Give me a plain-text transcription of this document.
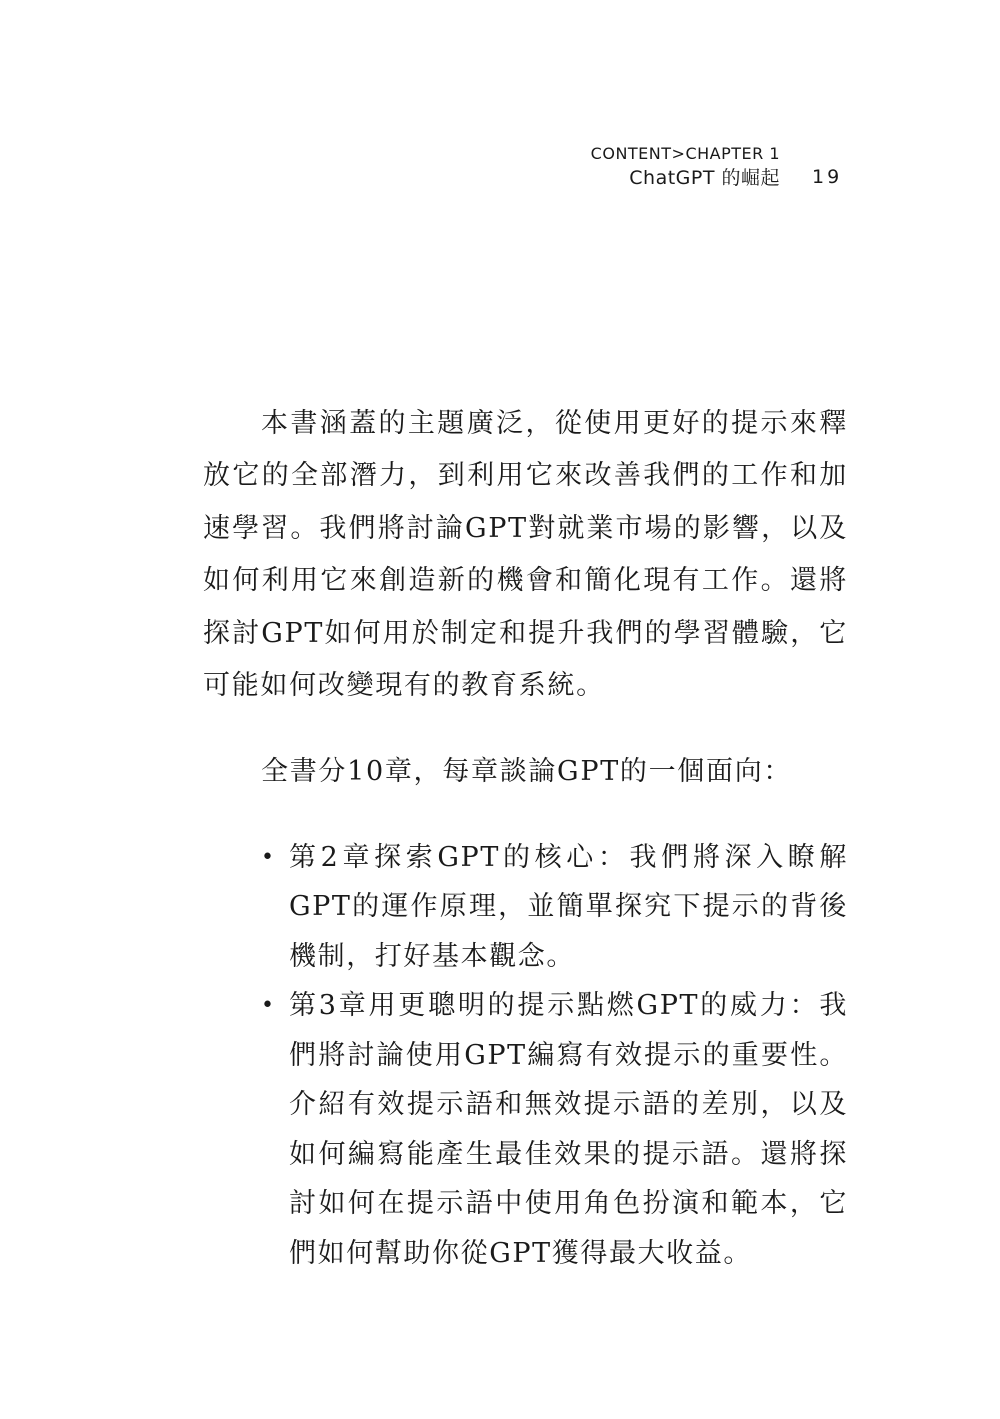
CONTENT>CHAPTER 1
ChatGPT 的崛起 19

本書涵蓋的主題廣泛，從使用更好的提示來釋放它的全部潛力，到利用它來改善我們的工作和加速學習。我們將討論GPT對就業市場的影響，以及如何利用它來創造新的機會和簡化現有工作。還將探討GPT如何用於制定和提升我們的學習體驗，它可能如何改變現有的教育系統。

全書分10章，每章談論GPT的一個面向：

• 第2章探索GPT的核心：我們將深入瞭解GPT的運作原理，並簡單探究下提示的背後機制，打好基本觀念。
• 第3章用更聰明的提示點燃GPT的威力：我們將討論使用GPT編寫有效提示的重要性。介紹有效提示語和無效提示語的差別，以及如何編寫能產生最佳效果的提示語。還將探討如何在提示語中使用角色扮演和範本，它們如何幫助你從GPT獲得最大收益。
